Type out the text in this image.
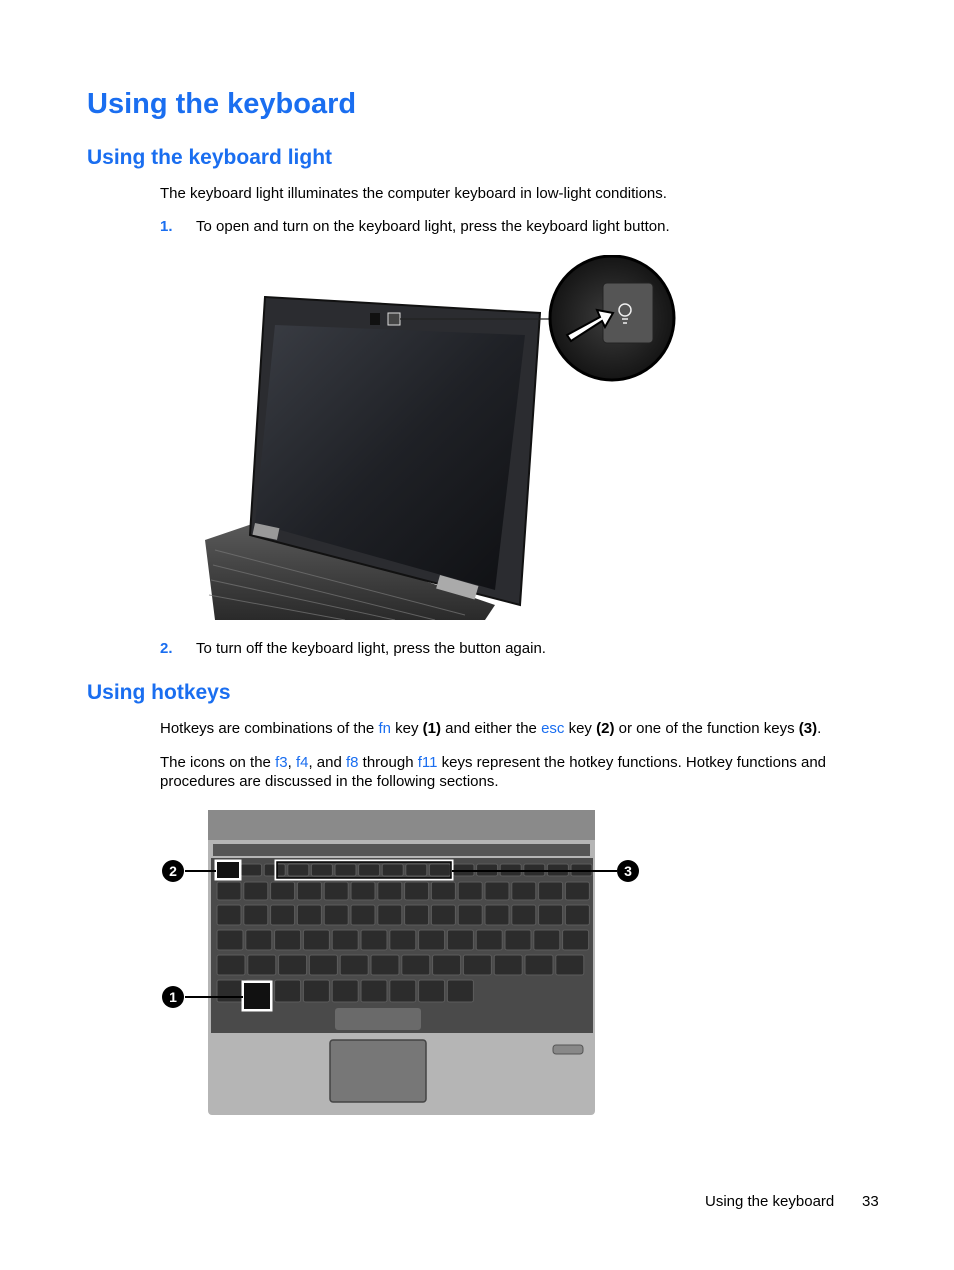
Using the keyboard
Using the keyboard light

The keyboard light illuminates the computer keyboard in low-light conditions.

1. To open and turn on the keyboard light, press the keyboard light button.
2. To turn off the keyboard light, press the button again.
Using hotkeys

Hotkeys are combinations of the fn key (1) and either the esc key (2) or one of the function keys (3).

The icons on the f3, f4, and f8 through f11 keys represent the hotkey functions. Hotkey functions and
procedures are discussed in the following sections.

2	3
1
Using the keyboard 33
